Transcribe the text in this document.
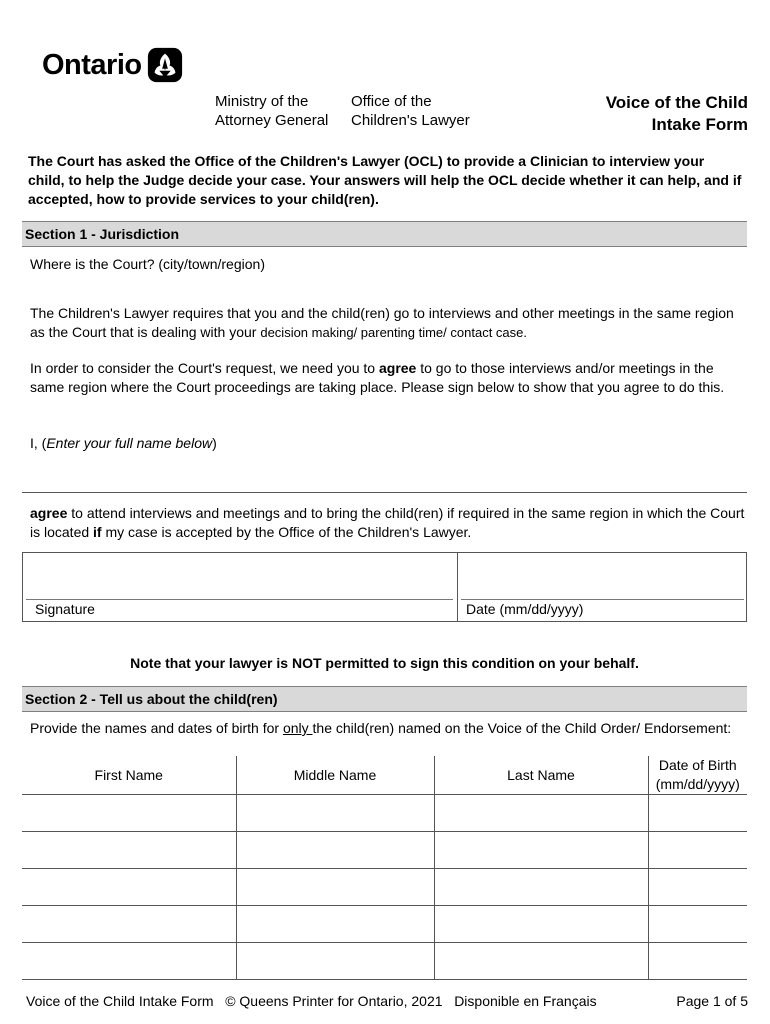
Ontario
Ministry of the
Attorney General
Office of the
Children's Lawyer
Voice of the Child
Intake Form
The Court has asked the Office of the Children's Lawyer (OCL) to provide a Clinician to interview your child, to help the Judge decide your case. Your answers will help the OCL decide whether it can help, and if accepted, how to provide services to your child(ren).
Section 1 - Jurisdiction
Where is the Court? (city/town/region)
The Children's Lawyer requires that you and the child(ren) go to interviews and other meetings in the same region as the Court that is dealing with your decision making/ parenting time/ contact case.
In order to consider the Court's request, we need you to agree to go to those interviews and/or meetings in the same region where the Court proceedings are taking place. Please sign below to show that you agree to do this.
I, (Enter your full name below)
agree to attend interviews and meetings and to bring the child(ren) if required in the same region in which the Court is located if my case is accepted by the Office of the Children's Lawyer.
Signature	Date (mm/dd/yyyy)
Note that your lawyer is NOT permitted to sign this condition on your behalf.
Section 2 - Tell us about the child(ren)
Provide the names and dates of birth for only the child(ren) named on the Voice of the Child Order/ Endorsement:
First Name	Middle Name	Last Name	Date of Birth
(mm/dd/yyyy)

Voice of the Child Intake Form   © Queens Printer for Ontario, 2021   Disponible en Français	Page 1 of 5
